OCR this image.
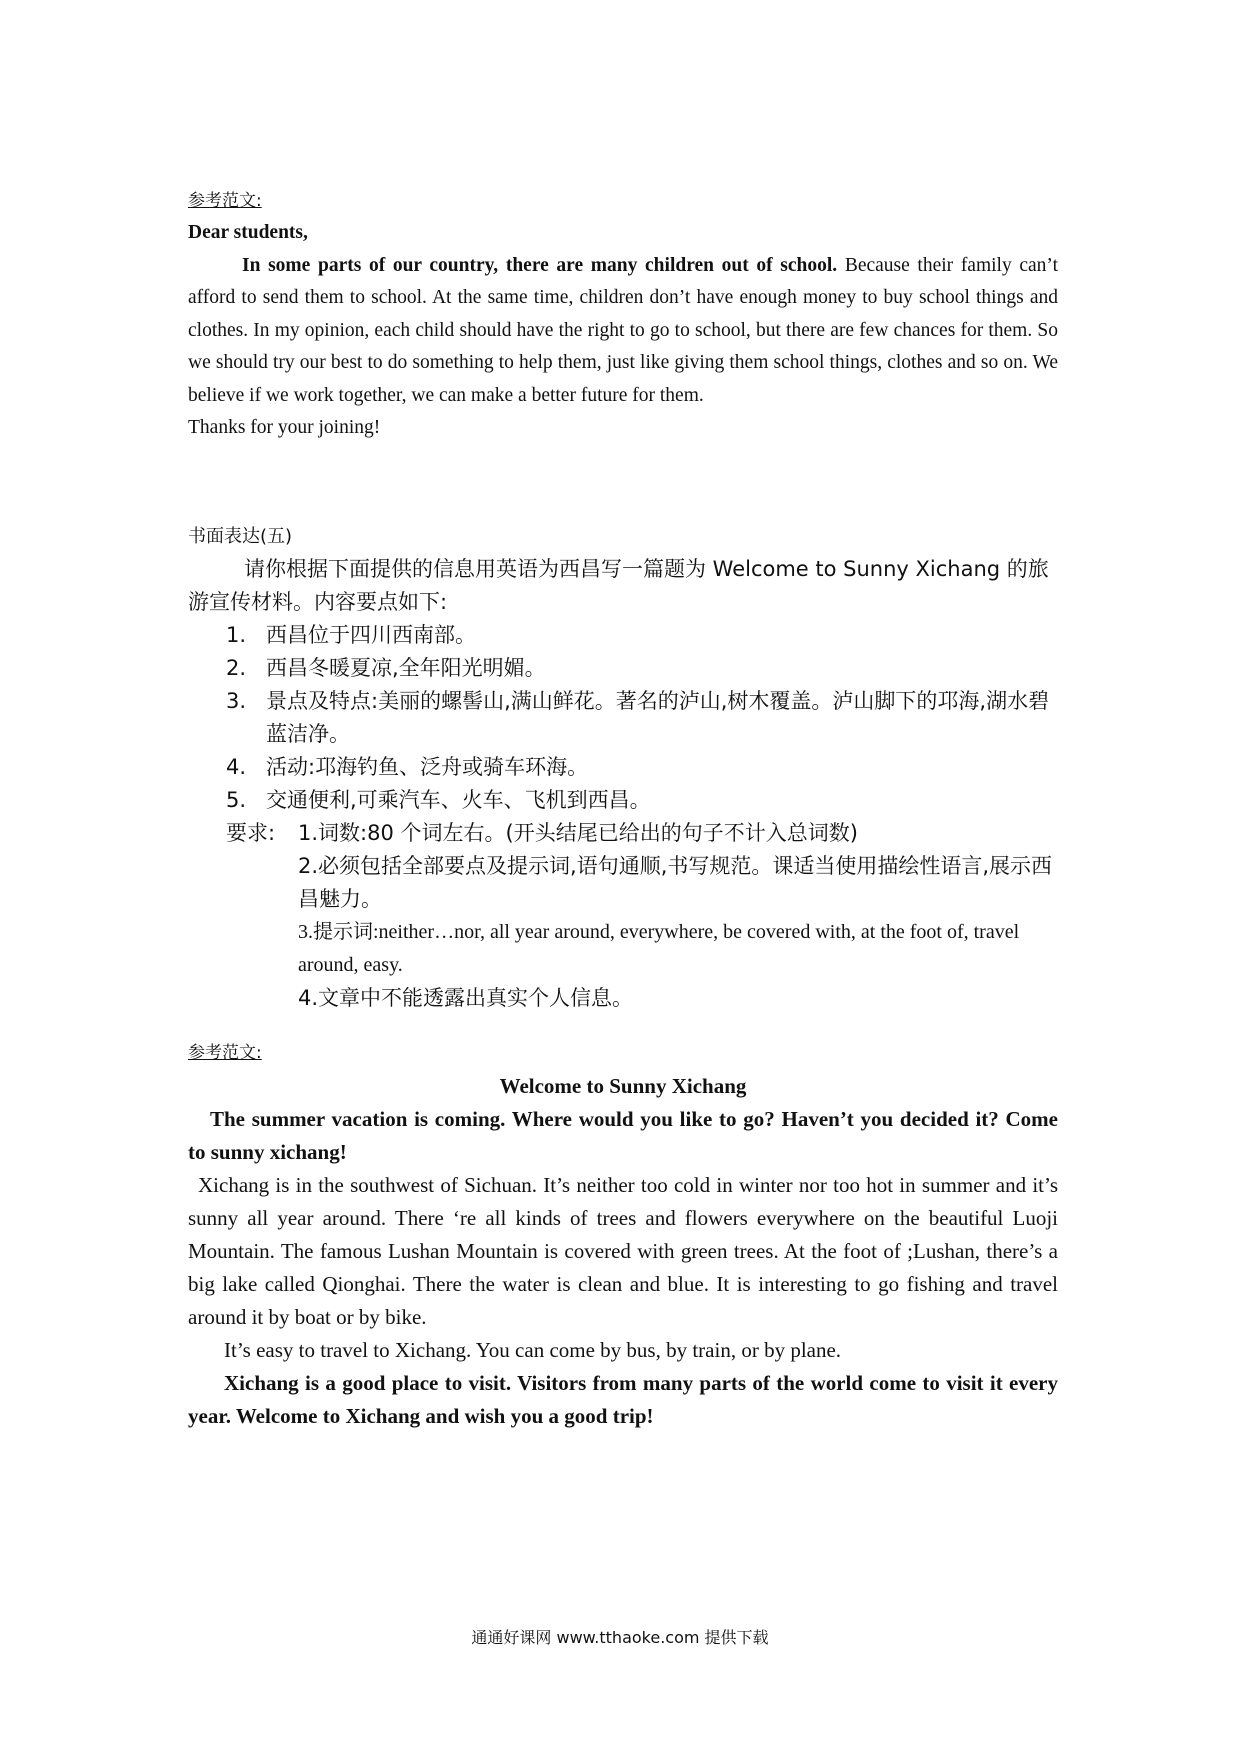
参考范文:
Dear students,
In some parts of our country, there are many children out of school. Because their family can’t afford to send them to school. At the same time, children don’t have enough money to buy school things and clothes. In my opinion, each child should have the right to go to school, but there are few chances for them. So we should try our best to do something to help them, just like giving them school things, clothes and so on. We believe if we work together, we can make a better future for them.
Thanks for your joining!
书面表达(五)
请你根据下面提供的信息用英语为西昌写一篇题为 Welcome to Sunny Xichang 的旅游宣传材料。内容要点如下:
1. 西昌位于四川西南部。
2. 西昌冬暖夏凉,全年阳光明媚。
3. 景点及特点:美丽的螺髻山,满山鲜花。著名的泸山,树木覆盖。泸山脚下的邛海,湖水碧蓝洁净。
4. 活动:邛海钓鱼、泛舟或骑车环海。
5. 交通便利,可乘汽车、火车、飞机到西昌。
要求:	1.词数:80 个词左右。(开头结尾已给出的句子不计入总词数)
2.必须包括全部要点及提示词,语句通顺,书写规范。课适当使用描绘性语言,展示西昌魅力。
3.提示词:neither…nor, all year around, everywhere, be covered with, at the foot of, travel around, easy.
4.文章中不能透露出真实个人信息。
参考范文:
Welcome to Sunny Xichang
The summer vacation is coming. Where would you like to go? Haven’t you decided it? Come to sunny xichang!
Xichang is in the southwest of Sichuan. It’s neither too cold in winter nor too hot in summer and it’s sunny all year around. There ‘re all kinds of trees and flowers everywhere on the beautiful Luoji Mountain. The famous Lushan Mountain is covered with green trees. At the foot of ;Lushan, there’s a big lake called Qionghai. There the water is clean and blue. It is interesting to go fishing and travel around it by boat or by bike.
It’s easy to travel to Xichang. You can come by bus, by train, or by plane.
Xichang is a good place to visit. Visitors from many parts of the world come to visit it every year. Welcome to Xichang and wish you a good trip!
通通好课网 www.tthaoke.com 提供下载
